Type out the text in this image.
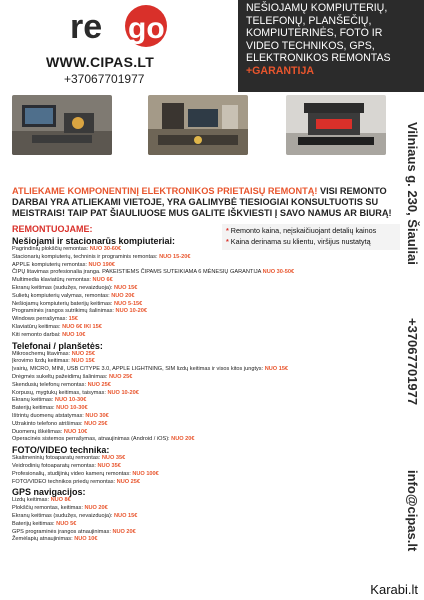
re go
WWW.CIPAS.LT
+37067701977
NEŠIOJAMŲ KOMPIUTERIŲ,
TELEFONŲ, PLANŠEČIŲ,
KOMPIUTERINĖS, FOTO IR
VIDEO TECHNIKOS, GPS,
ELEKTRONIKOS REMONTAS
+GARANTIJA
Vilniaus g. 230, Šiauliai
+37067701977
info@cipas.lt
ATLIEKAME KOMPONENTINĮ ELEKTRONIKOS PRIETAISŲ REMONTĄ! VISI REMONTO DARBAI YRA ATLIEKAMI VIETOJE, YRA GALIMYBĖ TIESIOGIAI KONSULTUOTIS SU MEISTRAIS! TAIP PAT ŠIAULIUOSE MUS GALITE IŠKVIESTI Į SAVO NAMUS AR BIURĄ!
* Remonto kaina, neįskaičiuojant detalių kainos
* Kaina derinama su klientu, viršijus nustatytą
REMONTUOJAME:
Nešiojami ir stacionarūs kompiuteriai:
Pagrindinių plokščių remontas: NUO 30-60€
Stacionarių kompiuterių, techninis ir programinis remontas: NUO 15-20€
APPLE kompiuterių remontas: NUO 190€
ČIPŲ litavimas profesionalia įranga. PAKEISTIEMS ČIPAMS SUTEIKIAMA 6 MĖNESIŲ GARANTIJA NUO 30-50€
Multimedia klaviatūrų remontas: NUO 6€
Ekranų keitimas (sudužęs, nevaizduoja): NUO 15€
Sulietų kompiuterių valymas, remontas: NUO 20€
Nešiojamų kompiuterių baterijų keitimas: NUO 5-15€
Programinės įrangos sutrikimų šalinimas: NUO 10-20€
Windows perrašymas: 15€
Klaviatūrų keitimas: NUO 6€ IKI 15€
Kiti remonto darbai: NUO 10€
Telefonai / planšetės:
Mikroschemų litavimas: NUO 25€
Įkrovimo lizdų keitimas: NUO 15€
Įvairių, MICRO, MINI, USB C/TYPE 3.0, APPLE LIGHTNING, SIM lizdų keitimas ir visos kitos jungtys: NUO 15€
Drėgmės sukeltų pažeidimų šalinimas: NUO 25€
Skendusių telefonų remontas: NUO 25€
Korpusų, mygtukų keitimas, taisymas: NUO 10-20€
Ekranų keitimas: NUO 10-30€
Baterijų keitimas: NUO 10-30€
Ištrintų duomenų atstatymas: NUO 30€
Užrakinto telefono atrišimas: NUO 25€
Duomenų iškėlimas: NUO 10€
Operacinės sistemos perrašymas, atnaujinimas (Android / iOS): NUO 20€
FOTO/VIDEO technika:
Skaitmeninių fotoaparatų remontas: NUO 35€
Veidrodinių fotoaparatų remontas: NUO 35€
Profesionalių, studijinių video kamerų remontas: NUO 100€
FOTO/VIDEO technikos priedų remontas: NUO 25€
GPS navigacijos:
Lizdų keitimas: NUO 8€
Plokščių remontas, keitimas: NUO 20€
Ekranų keitimas (sudužęs, nevaizduoja): NUO 15€
Baterijų keitimas: NUO 5€
GPS programinės įrangos atnaujinimas: NUO 20€
Žemėlapių atnaujinimas: NUO 10€
Karabi.lt
